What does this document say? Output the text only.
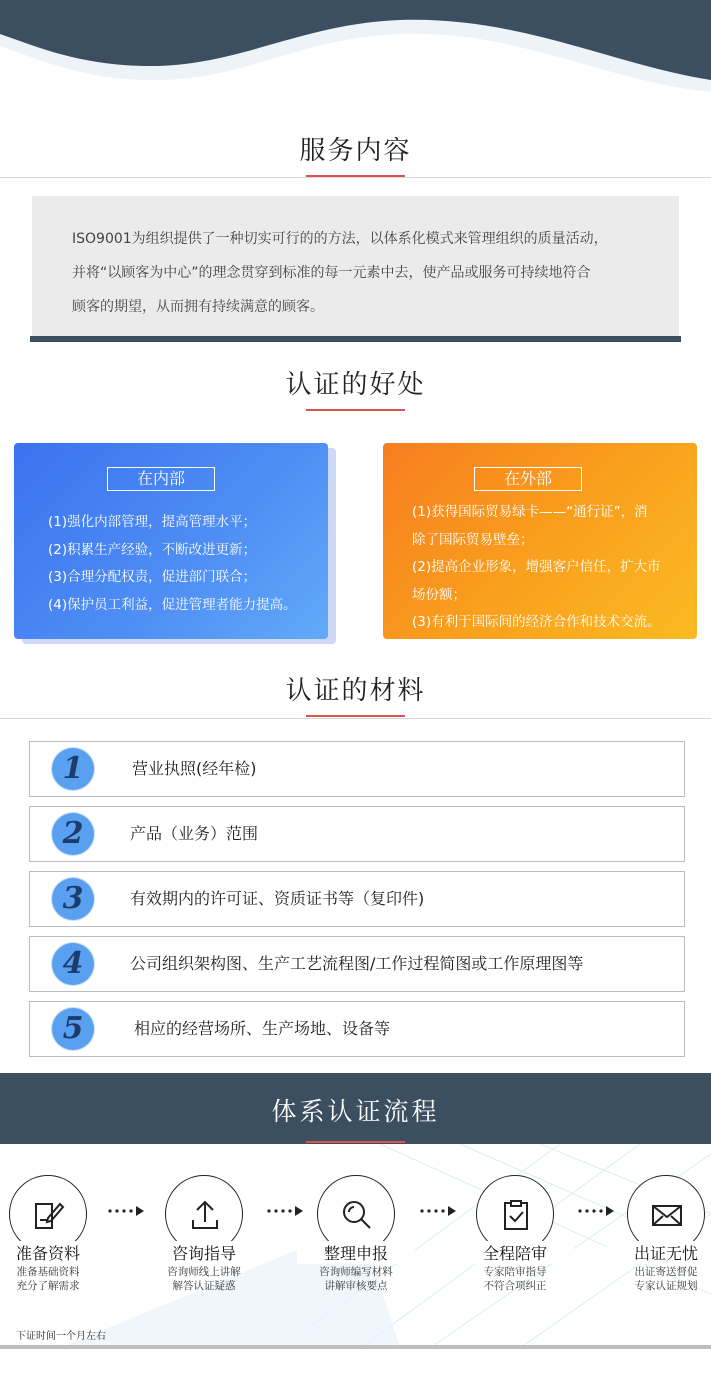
服务内容

ISO9001为组织提供了一种切实可行的的方法，以体系化模式来管理组织的质量活动，

并将“以顾客为中心”的理念贯穿到标准的每一元素中去，使产品或服务可持续地符合

顾客的期望，从而拥有持续满意的顾客。

认证的好处
在内部
(1)强化内部管理，提高管理水平；
(2)积累生产经验，不断改进更新；
(3)合理分配权责，促进部门联合；
(4)保护员工利益，促进管理者能力提高。
在外部
(1)获得国际贸易绿卡——“通行证”，消
除了国际贸易壁垒；
(2)提高企业形象，增强客户信任，扩大市
场份额；
(3)有利于国际间的经济合作和技术交流。
认证的材料
1	营业执照(经年检)
2	产品（业务）范围
3	有效期内的许可证、资质证书等（复印件)
4	公司组织架构图、生产工艺流程图/工作过程简图或工作原理图等
5	相应的经营场所、生产场地、设备等
体系认证流程
准备资料
准备基础资料
充分了解需求
咨询指导
咨询师线上讲解
解答认证疑惑
整理申报
咨询师编写材料
讲解审核要点
全程陪审
专家陪审指导
不符合项纠正
出证无忧
出证寄送督促
专家认证规划
下证时间一个月左右
